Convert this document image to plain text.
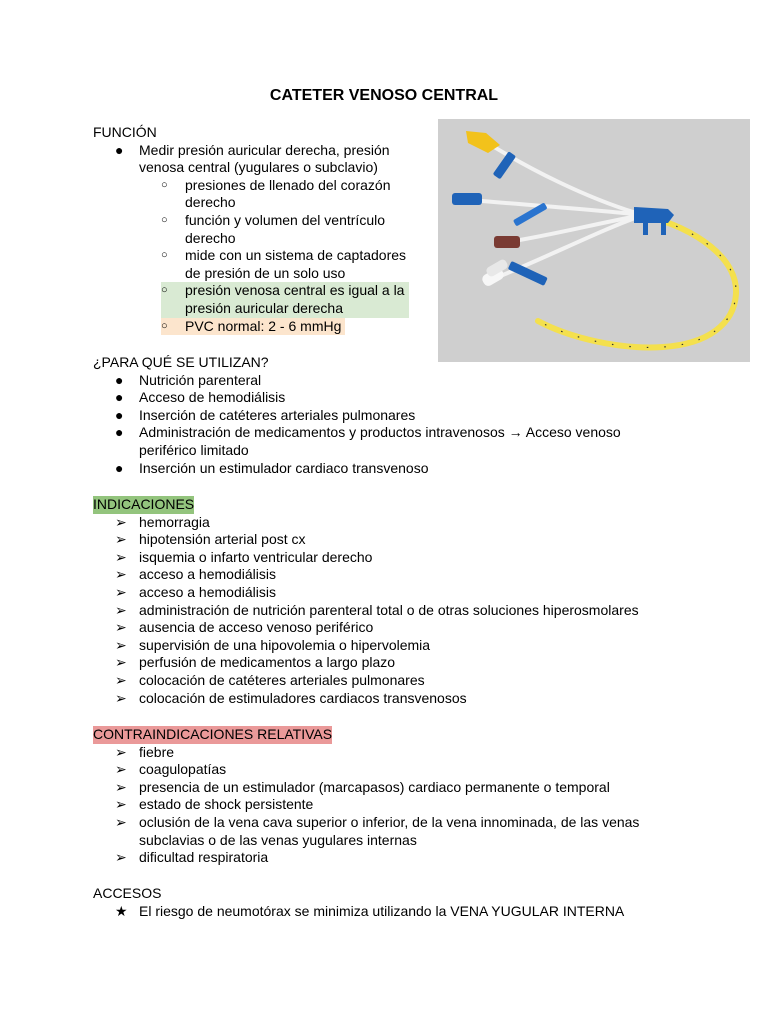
CATETER VENOSO CENTRAL
FUNCIÓN
● Medir presión auricular derecha, presión venosa central (yugulares o subclavio)
○ presiones de llenado del corazón derecho
○ función y volumen del ventrículo derecho
○ mide con un sistema de captadores de presión de un solo uso
○ presión venosa central es igual a la presión auricular derecha
○ PVC normal: 2 - 6 mmHg
¿PARA QUÉ SE UTILIZAN?
● Nutrición parenteral
● Acceso de hemodiálisis
● Inserción de catéteres arteriales pulmonares
● Administración de medicamentos y productos intravenosos → Acceso venoso periférico limitado
● Inserción un estimulador cardiaco transvenoso
INDICACIONES
➢ hemorragia
➢ hipotensión arterial post cx
➢ isquemia o infarto ventricular derecho
➢ acceso a hemodiálisis
➢ acceso a hemodiálisis
➢ administración de nutrición parenteral total o de otras soluciones hiperosmolares
➢ ausencia de acceso venoso periférico
➢ supervisión de una hipovolemia o hipervolemia
➢ perfusión de medicamentos a largo plazo
➢ colocación de catéteres arteriales pulmonares
➢ colocación de estimuladores cardiacos transvenosos
CONTRAINDICACIONES RELATIVAS
➢ fiebre
➢ coagulopatías
➢ presencia de un estimulador (marcapasos) cardiaco permanente o temporal
➢ estado de shock persistente
➢ oclusión de la vena cava superior o inferior, de la vena innominada, de las venas subclavias o de las venas yugulares internas
➢ dificultad respiratoria
ACCESOS
★ El riesgo de neumotórax se minimiza utilizando la VENA YUGULAR INTERNA
